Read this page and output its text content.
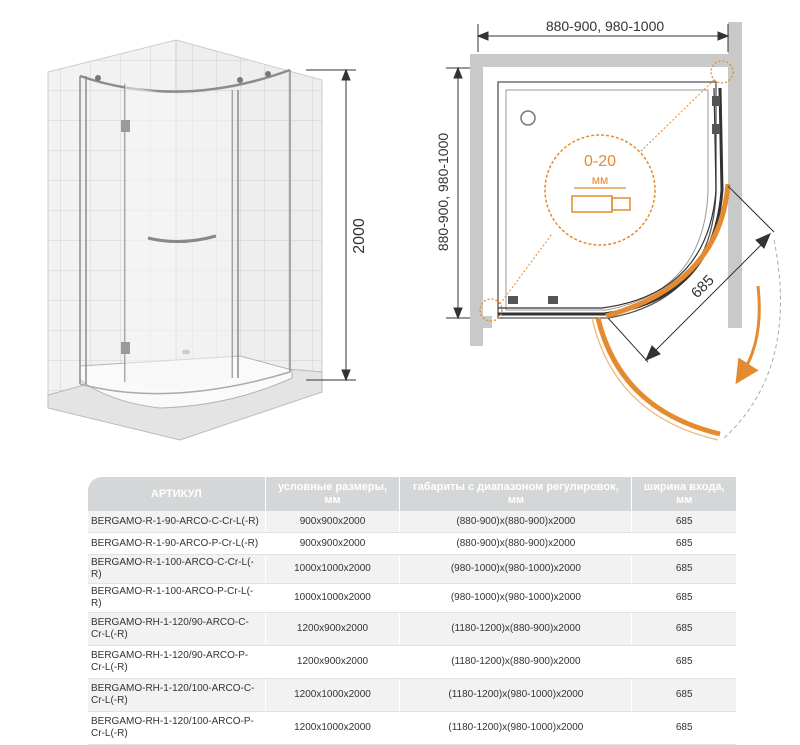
2000
0-20
мм
880-900, 980-1000
880-900, 980-1000
685
АРТИКУЛ	условные размеры, мм	габариты с диапазоном регулировок, мм	ширина входа, мм
BERGAMO-R-1-90-ARCO-C-Cr-L(-R)	900x900x2000	(880-900)x(880-900)x2000	685
BERGAMO-R-1-90-ARCO-P-Cr-L(-R)	900x900x2000	(880-900)x(880-900)x2000	685
BERGAMO-R-1-100-ARCO-C-Cr-L(-R)	1000x1000x2000	(980-1000)x(980-1000)x2000	685
BERGAMO-R-1-100-ARCO-P-Cr-L(-R)	1000x1000x2000	(980-1000)x(980-1000)x2000	685
BERGAMO-RH-1-120/90-ARCO-C-Cr-L(-R)	1200x900x2000	(1180-1200)x(880-900)x2000	685
BERGAMO-RH-1-120/90-ARCO-P-Cr-L(-R)	1200x900x2000	(1180-1200)x(880-900)x2000	685
BERGAMO-RH-1-120/100-ARCO-C-Cr-L(-R)	1200x1000x2000	(1180-1200)x(980-1000)x2000	685
BERGAMO-RH-1-120/100-ARCO-P-Cr-L(-R)	1200x1000x2000	(1180-1200)x(980-1000)x2000	685
